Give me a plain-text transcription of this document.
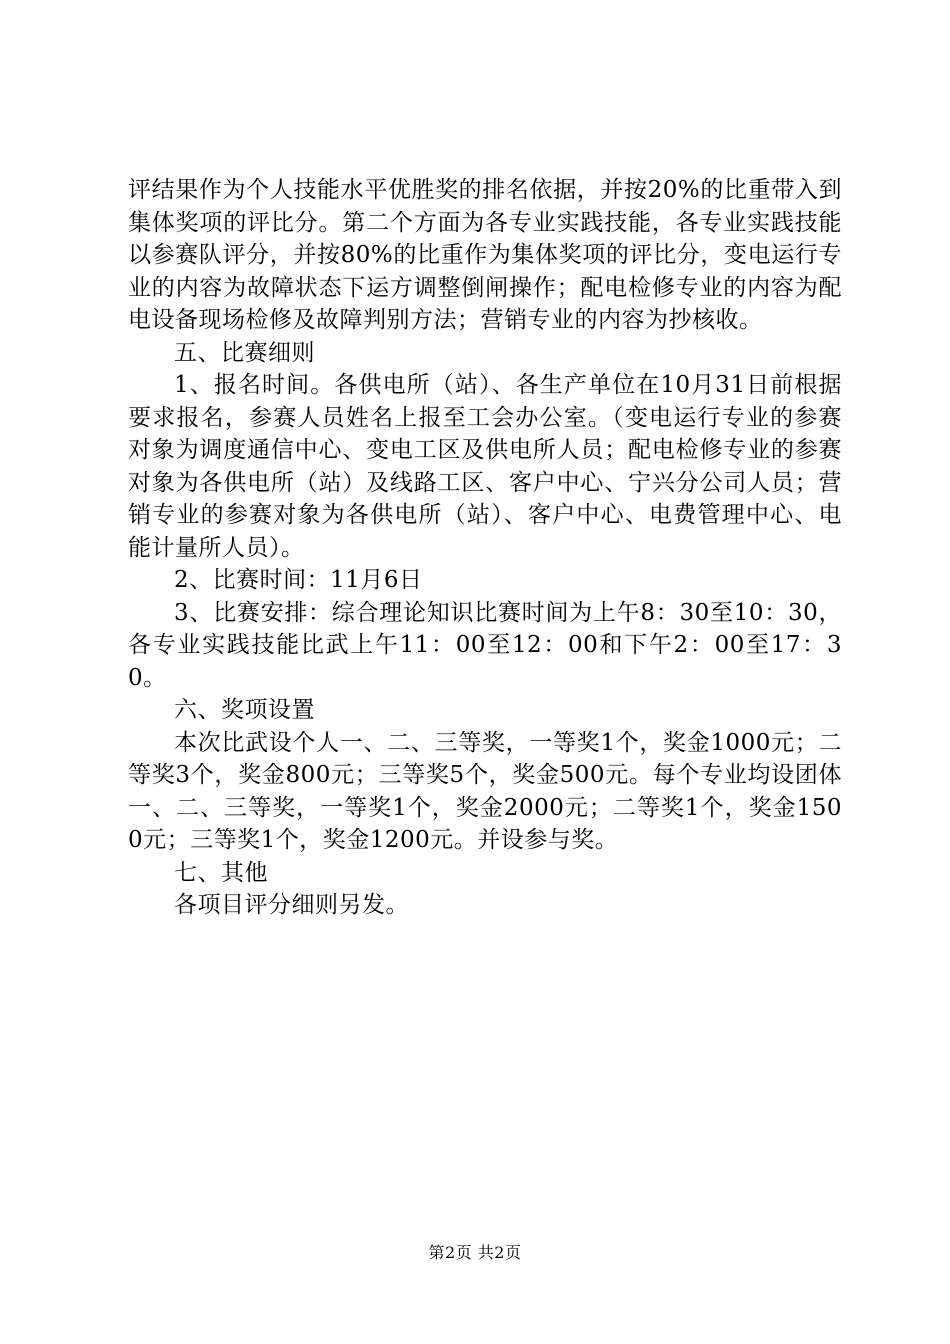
评结果作为个人技能水平优胜奖的排名依据，并按20%的比重带入到集体奖项的评比分。第二个方面为各专业实践技能，各专业实践技能以参赛队评分，并按80%的比重作为集体奖项的评比分，变电运行专业的内容为故障状态下运方调整倒闸操作；配电检修专业的内容为配电设备现场检修及故障判别方法；营销专业的内容为抄核收。

五、比赛细则

1、报名时间。各供电所（站）、各生产单位在10月31日前根据要求报名，参赛人员姓名上报至工会办公室。（变电运行专业的参赛对象为调度通信中心、变电工区及供电所人员；配电检修专业的参赛对象为各供电所（站）及线路工区、客户中心、宁兴分公司人员；营销专业的参赛对象为各供电所（站）、客户中心、电费管理中心、电能计量所人员）。

2、比赛时间：11月6日

3、比赛安排：综合理论知识比赛时间为上午8：30至10：30，各专业实践技能比武上午11：00至12：00和下午2：00至17：30。

六、奖项设置

本次比武设个人一、二、三等奖，一等奖1个，奖金1000元；二等奖3个，奖金800元；三等奖5个，奖金500元。每个专业均设团体一、二、三等奖，一等奖1个，奖金2000元；二等奖1个，奖金1500元；三等奖1个，奖金1200元。并设参与奖。

七、其他

各项目评分细则另发。

第2页 共2页
